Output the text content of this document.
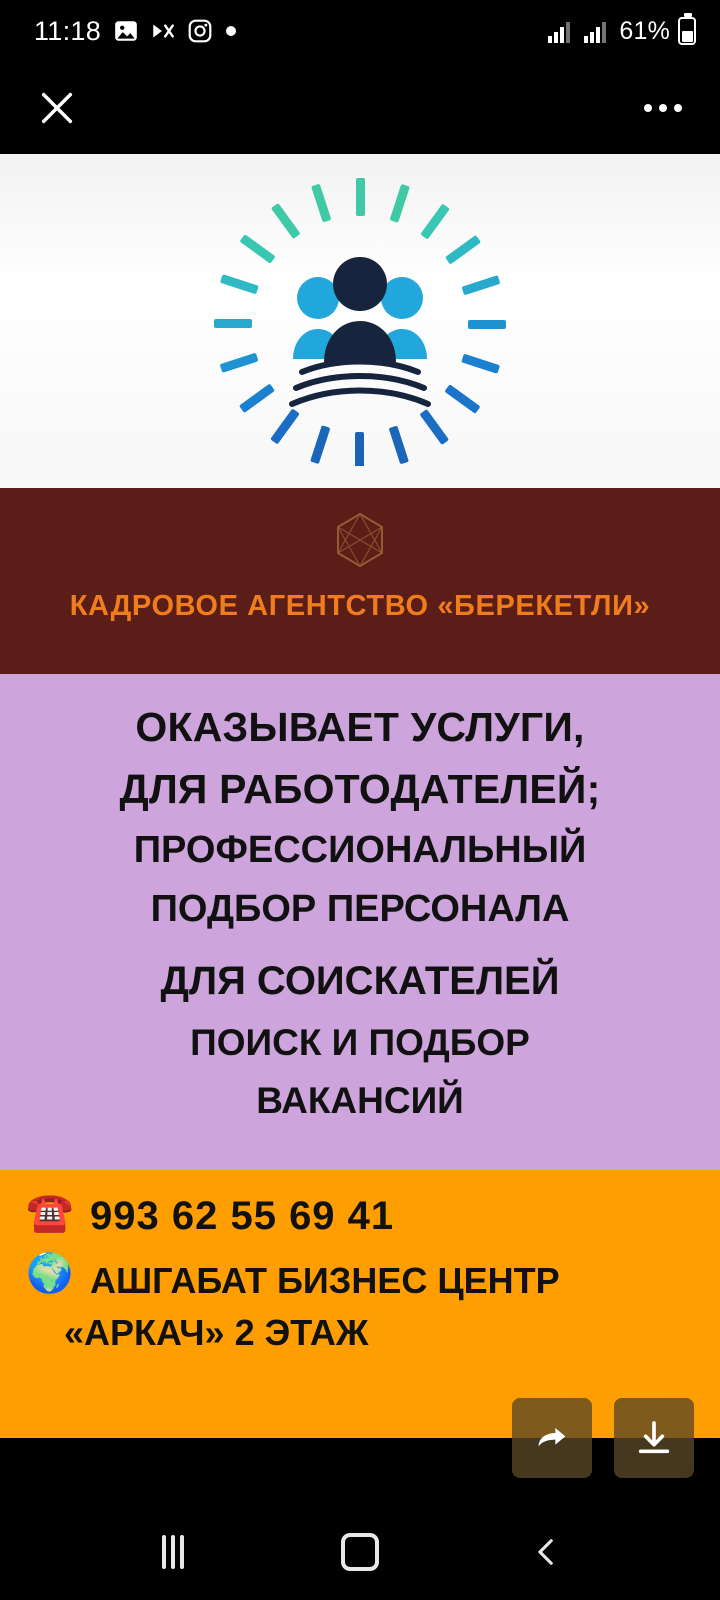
11:18	61%
КАДРОВОЕ АГЕНТСТВО «БЕРЕКЕТЛИ»
ОКАЗЫВАЕТ УСЛУГИ,
ДЛЯ РАБОТОДАТЕЛЕЙ;
ПРОФЕССИОНАЛЬНЫЙ
ПОДБОР ПЕРСОНАЛА
ДЛЯ СОИСКАТЕЛЕЙ
ПОИСК И ПОДБОР
ВАКАНСИЙ
☎️ 993 62 55 69 41
🌍 АШГАБАТ БИЗНЕС ЦЕНТР
«АРКАЧ» 2 ЭТАЖ
